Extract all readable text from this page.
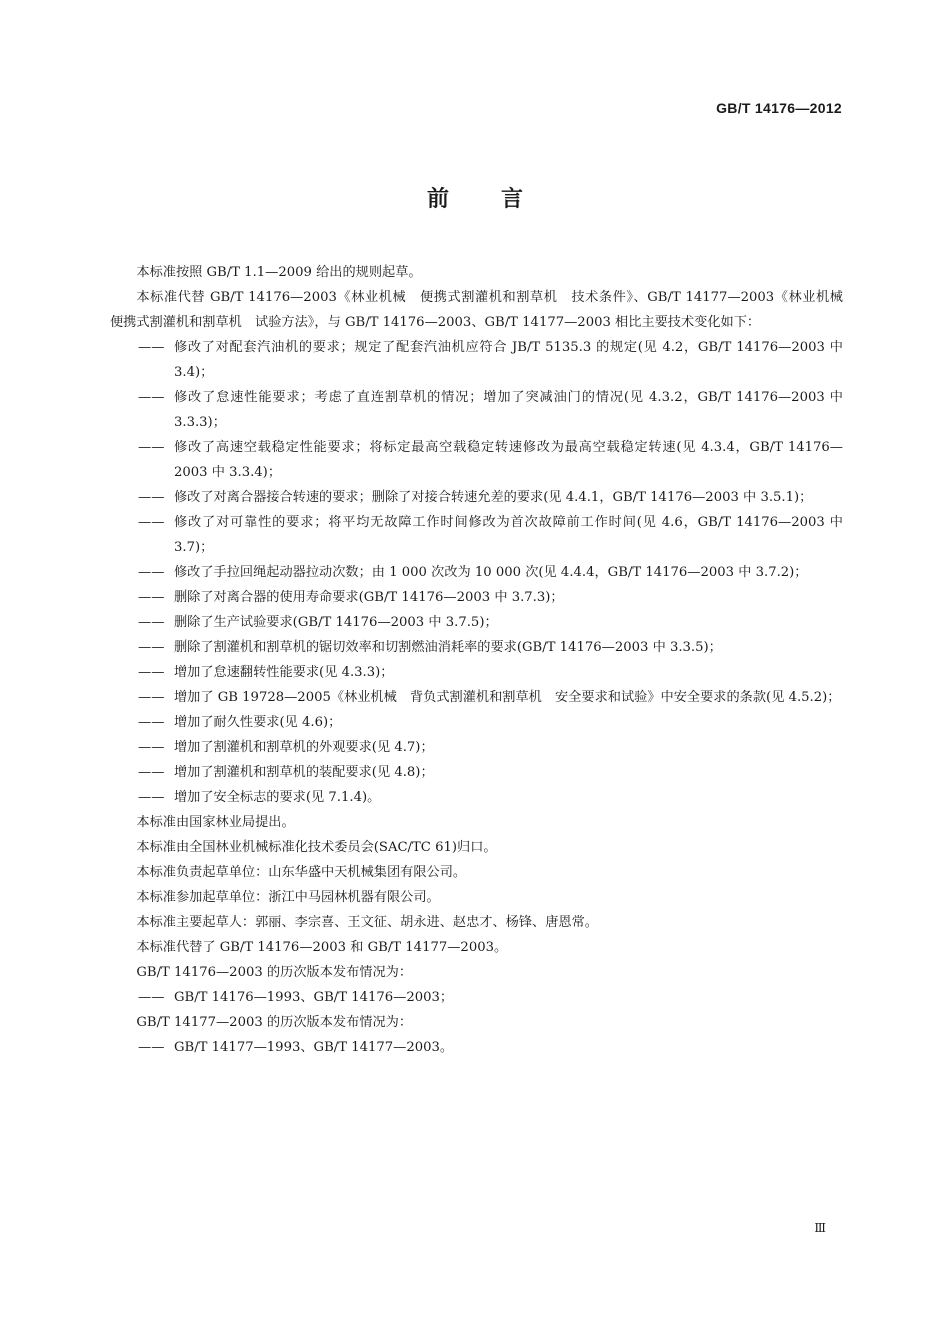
GB/T 14176—2012
前言

本标准按照 GB/T 1.1—2009 给出的规则起草。

本标准代替 GB/T 14176—2003《林业机械　便携式割灌机和割草机　技术条件》、GB/T 14177—2003《林业机械　便携式割灌机和割草机　试验方法》，与 GB/T 14176—2003、GB/T 14177—2003 相比主要技术变化如下：

—— 修改了对配套汽油机的要求；规定了配套汽油机应符合 JB/T 5135.3 的规定(见 4.2，GB/T 14176—2003 中 3.4)；
—— 修改了怠速性能要求；考虑了直连割草机的情况；增加了突减油门的情况(见 4.3.2，GB/T 14176—2003 中 3.3.3)；
—— 修改了高速空载稳定性能要求；将标定最高空载稳定转速修改为最高空载稳定转速(见 4.3.4，GB/T 14176—2003 中 3.3.4)；
—— 修改了对离合器接合转速的要求；删除了对接合转速允差的要求(见 4.4.1，GB/T 14176—2003 中 3.5.1)；
—— 修改了对可靠性的要求；将平均无故障工作时间修改为首次故障前工作时间(见 4.6，GB/T 14176—2003 中 3.7)；
—— 修改了手拉回绳起动器拉动次数；由 1 000 次改为 10 000 次(见 4.4.4，GB/T 14176—2003 中 3.7.2)；
—— 删除了对离合器的使用寿命要求(GB/T 14176—2003 中 3.7.3)；
—— 删除了生产试验要求(GB/T 14176—2003 中 3.7.5)；
—— 删除了割灌机和割草机的锯切效率和切割燃油消耗率的要求(GB/T 14176—2003 中 3.3.5)；
—— 增加了怠速翻转性能要求(见 4.3.3)；
—— 增加了 GB 19728—2005《林业机械　背负式割灌机和割草机　安全要求和试验》中安全要求的条款(见 4.5.2)；
—— 增加了耐久性要求(见 4.6)；
—— 增加了割灌机和割草机的外观要求(见 4.7)；
—— 增加了割灌机和割草机的装配要求(见 4.8)；
—— 增加了安全标志的要求(见 7.1.4)。

本标准由国家林业局提出。

本标准由全国林业机械标准化技术委员会(SAC/TC 61)归口。

本标准负责起草单位：山东华盛中天机械集团有限公司。

本标准参加起草单位：浙江中马园林机器有限公司。

本标准主要起草人：郭丽、李宗喜、王文征、胡永进、赵忠才、杨锋、唐恩常。

本标准代替了 GB/T 14176—2003 和 GB/T 14177—2003。

GB/T 14176—2003 的历次版本发布情况为：

—— GB/T 14176—1993、GB/T 14176—2003；

GB/T 14177—2003 的历次版本发布情况为：

—— GB/T 14177—1993、GB/T 14177—2003。
Ⅲ
